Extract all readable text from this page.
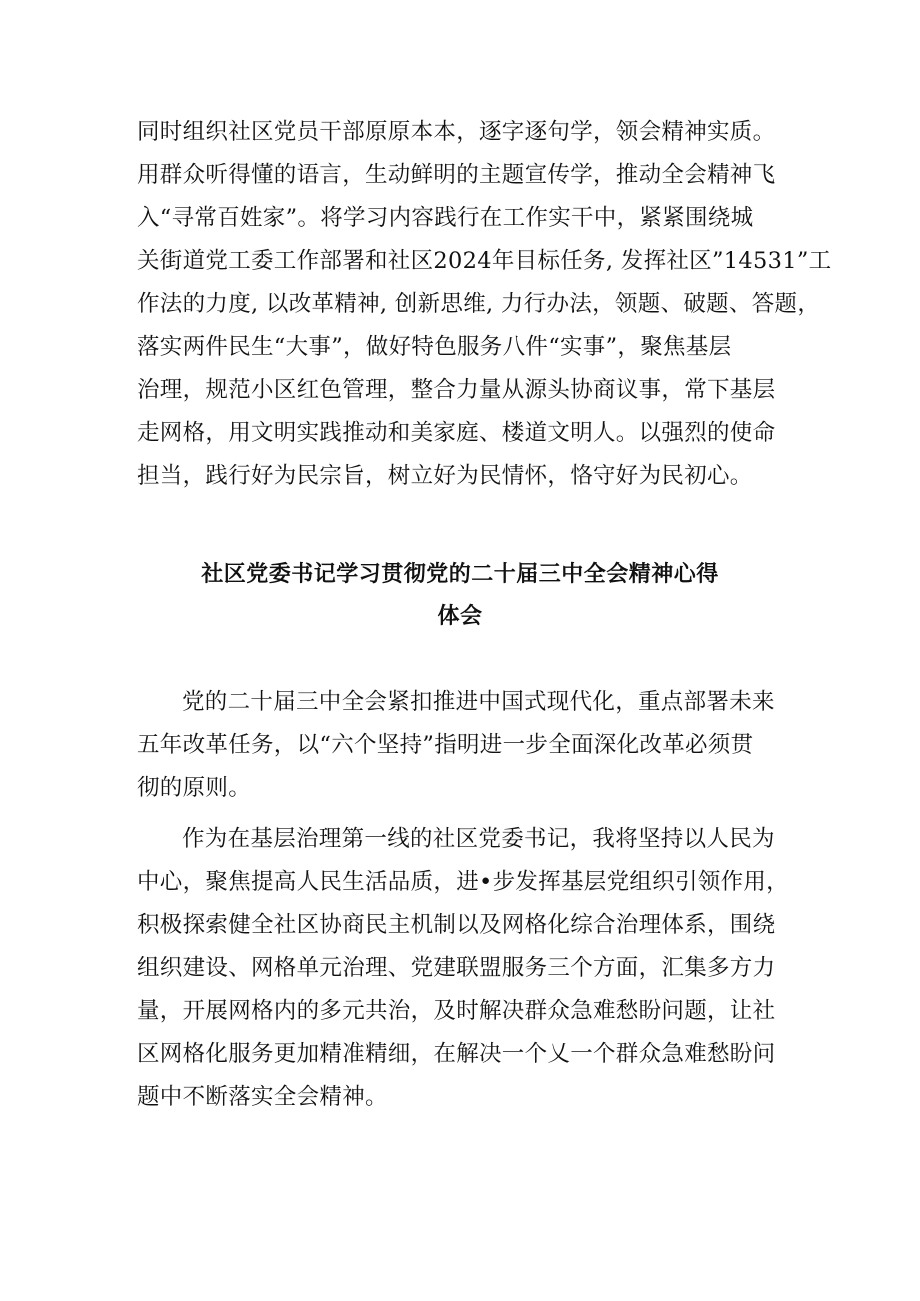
同时组织社区党员干部原原本本，逐字逐句学，领会精神实质。
用群众听得懂的语言，生动鲜明的主题宣传学，推动全会精神飞
入“寻常百姓家”。将学习内容践行在工作实干中，紧紧围绕城
关街道党工委工作部署和社区2024年目标任务, 发挥社区”14531”工
作法的力度, 以改革精神, 创新思维, 力行办法，领题、破题、答题，
落实两件民生“大事”，做好特色服务八件“实事”，聚焦基层
治理，规范小区红色管理，整合力量从源头协商议事，常下基层
走网格，用文明实践推动和美家庭、楼道文明人。以强烈的使命
担当，践行好为民宗旨，树立好为民情怀，恪守好为民初心。
社区党委书记学习贯彻党的二十届三中全会精神心得
体会
党的二十届三中全会紧扣推进中国式现代化，重点部署未来
五年改革任务，以“六个坚持”指明进一步全面深化改革必须贯
彻的原则。
作为在基层治理第一线的社区党委书记，我将坚持以人民为
中心，聚焦提高人民生活品质，进•步发挥基层党组织引领作用，
积极探索健全社区协商民主机制以及网格化综合治理体系，围绕
组织建设、网格单元治理、党建联盟服务三个方面，汇集多方力
量，开展网格内的多元共治，及时解决群众急难愁盼问题，让社
区网格化服务更加精准精细，在解决一个乂一个群众急难愁盼问
题中不断落实全会精神。
